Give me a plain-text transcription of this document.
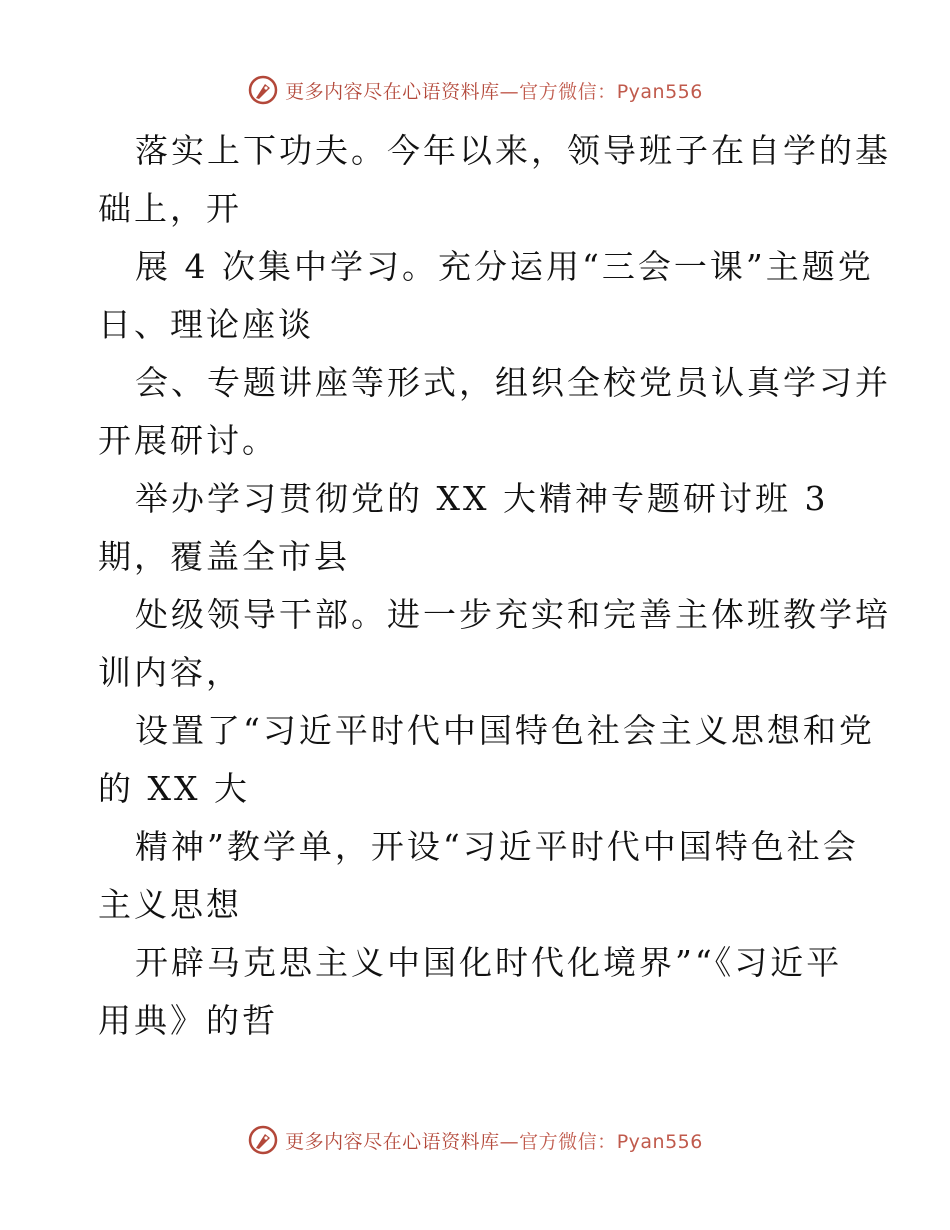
更多内容尽在心语资料库—官方微信：Pyan556
落实上下功夫。今年以来，领导班子在自学的基
础上，开
展 4 次集中学习。充分运用“三会一课”主题党
日、理论座谈
会、专题讲座等形式，组织全校党员认真学习并
开展研讨。
举办学习贯彻党的 XX 大精神专题研讨班 3
期，覆盖全市县
处级领导干部。进一步充实和完善主体班教学培
训内容，
设置了“习近平时代中国特色社会主义思想和党
的 XX 大
精神”教学单，开设“习近平时代中国特色社会
主义思想
开辟马克思主义中国化时代化境界”“《习近平
用典》的哲
更多内容尽在心语资料库—官方微信：Pyan556
